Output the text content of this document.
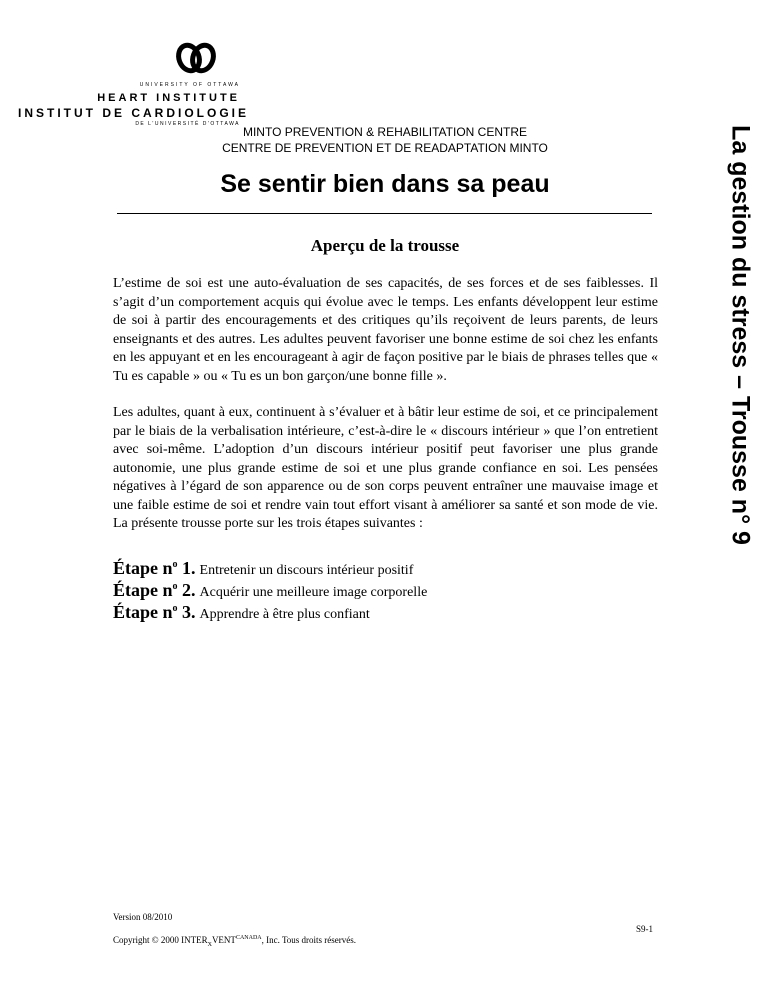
UNIVERSITY OF OTTAWA
HEART INSTITUTE
INSTITUT DE CARDIOLOGIE
DE L'UNIVERSITÉ D'OTTAWA
MINTO PREVENTION & REHABILITATION CENTRE
CENTRE DE PREVENTION ET DE READAPTATION MINTO
Se sentir bien dans sa peau
Aperçu de la trousse

L’estime de soi est une auto-évaluation de ses capacités, de ses forces et de ses faiblesses. Il s’agit d’un comportement acquis qui évolue avec le temps. Les enfants développent leur estime de soi à partir des encouragements et des critiques qu’ils reçoivent de leurs parents, de leurs enseignants et des autres. Les adultes peuvent favoriser une bonne estime de soi chez les enfants en les appuyant et en les encourageant à agir de façon positive par le biais de phrases telles que « Tu es capable » ou « Tu es un bon garçon/une bonne fille ».

Les adultes, quant à eux, continuent à s’évaluer et à bâtir leur estime de soi, et ce principalement par le biais de la verbalisation intérieure, c’est-à-dire le « discours intérieur » que l’on entretient avec soi-même. L’adoption d’un discours intérieur positif peut favoriser une plus grande autonomie, une plus grande estime de soi et une plus grande confiance en soi. Les pensées négatives à l’égard de son apparence ou de son corps peuvent entraîner une mauvaise image et une faible estime de soi et rendre vain tout effort visant à améliorer sa santé et son mode de vie. La présente trousse porte sur les trois étapes suivantes :

Étape $n^o$ 1. Entretenir un discours intérieur positif
Étape $n^o$ 2. Acquérir une meilleure image corporelle
Étape $n^o$ 3. Apprendre à être plus confiant
La gestion du stress – Trousse n° 9
Version 08/2010
Copyright © 2000 $INTER_XVENT^{CANADA}$, Inc. Tous droits réservés.
S9-1
